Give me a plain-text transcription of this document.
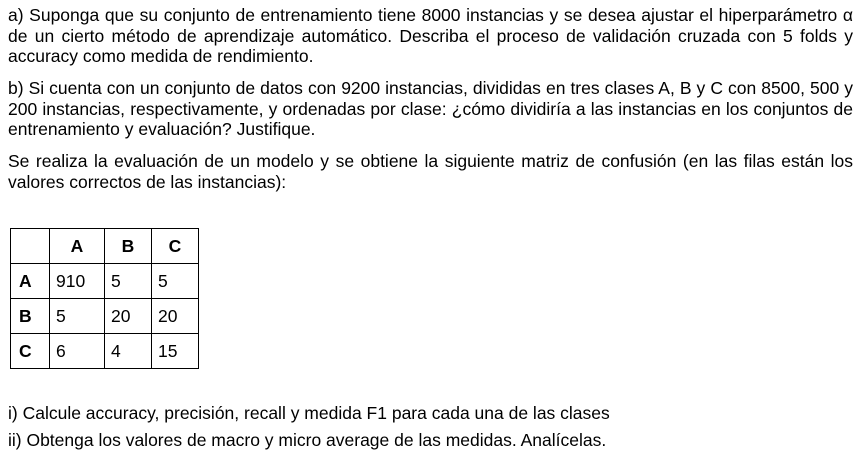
a) Suponga que su conjunto de entrenamiento tiene 8000 instancias y se desea ajustar el hiperparámetro α de un cierto método de aprendizaje automático. Describa el proceso de validación cruzada con 5 folds y accuracy como medida de rendimiento.

b) Si cuenta con un conjunto de datos con 9200 instancias, divididas en tres clases A, B y C con 8500, 500 y 200 instancias, respectivamente, y ordenadas por clase: ¿cómo dividiría a las instancias en los conjuntos de entrenamiento y evaluación? Justifique.

Se realiza la evaluación de un modelo y se obtiene la siguiente matriz de confusión (en las filas están los valores correctos de las instancias):

	A	B	C
A	910	5	5
B	5	20	20
C	6	4	15

i) Calcule accuracy, precisión, recall y medida F1 para cada una de las clases

ii) Obtenga los valores de macro y micro average de las medidas. Analícelas.
